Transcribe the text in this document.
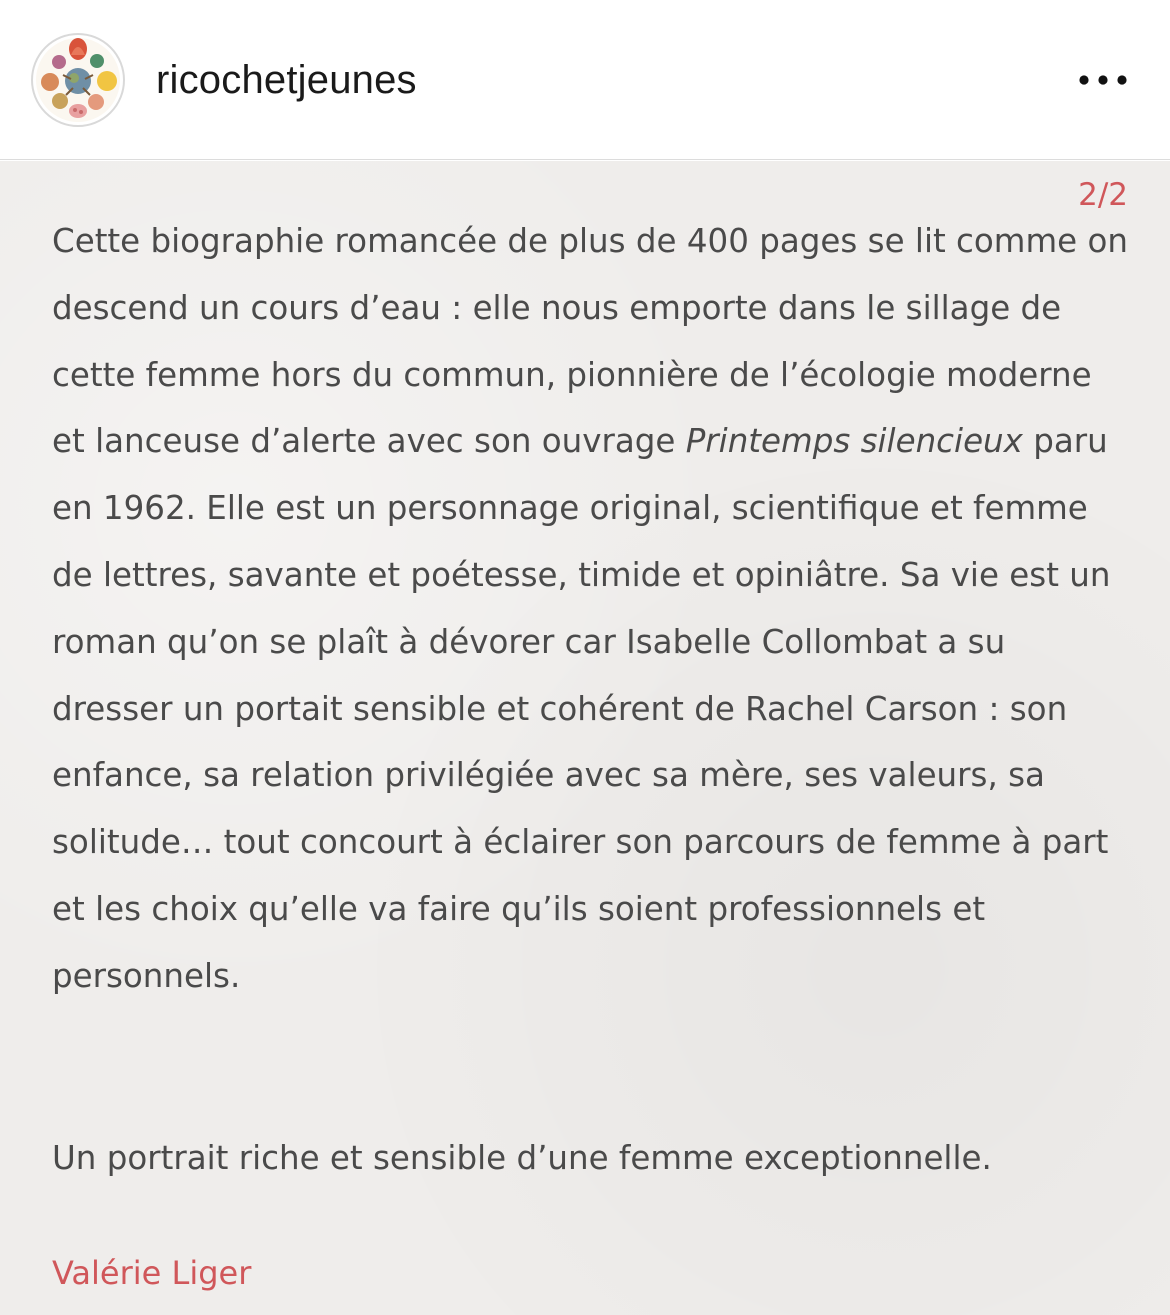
ricochetjeunes
2/2

Cette biographie romancée de plus de 400 pages se lit comme on descend un cours d’eau : elle nous emporte dans le sillage de cette femme hors du commun, pionnière de l’écologie moderne et lanceuse d’alerte avec son ouvrage Printemps silencieux paru en 1962. Elle est un personnage original, scientifique et femme de lettres, savante et poétesse, timide et opiniâtre. Sa vie est un roman qu’on se plaît à dévorer car Isabelle Collombat a su dresser un portait sensible et cohérent de Rachel Carson : son enfance, sa relation privilégiée avec sa mère, ses valeurs, sa solitude… tout concourt à éclairer son parcours de femme à part et les choix qu’elle va faire qu’ils soient professionnels et personnels.

Un portrait riche et sensible d’une femme exceptionnelle.

Valérie Liger
